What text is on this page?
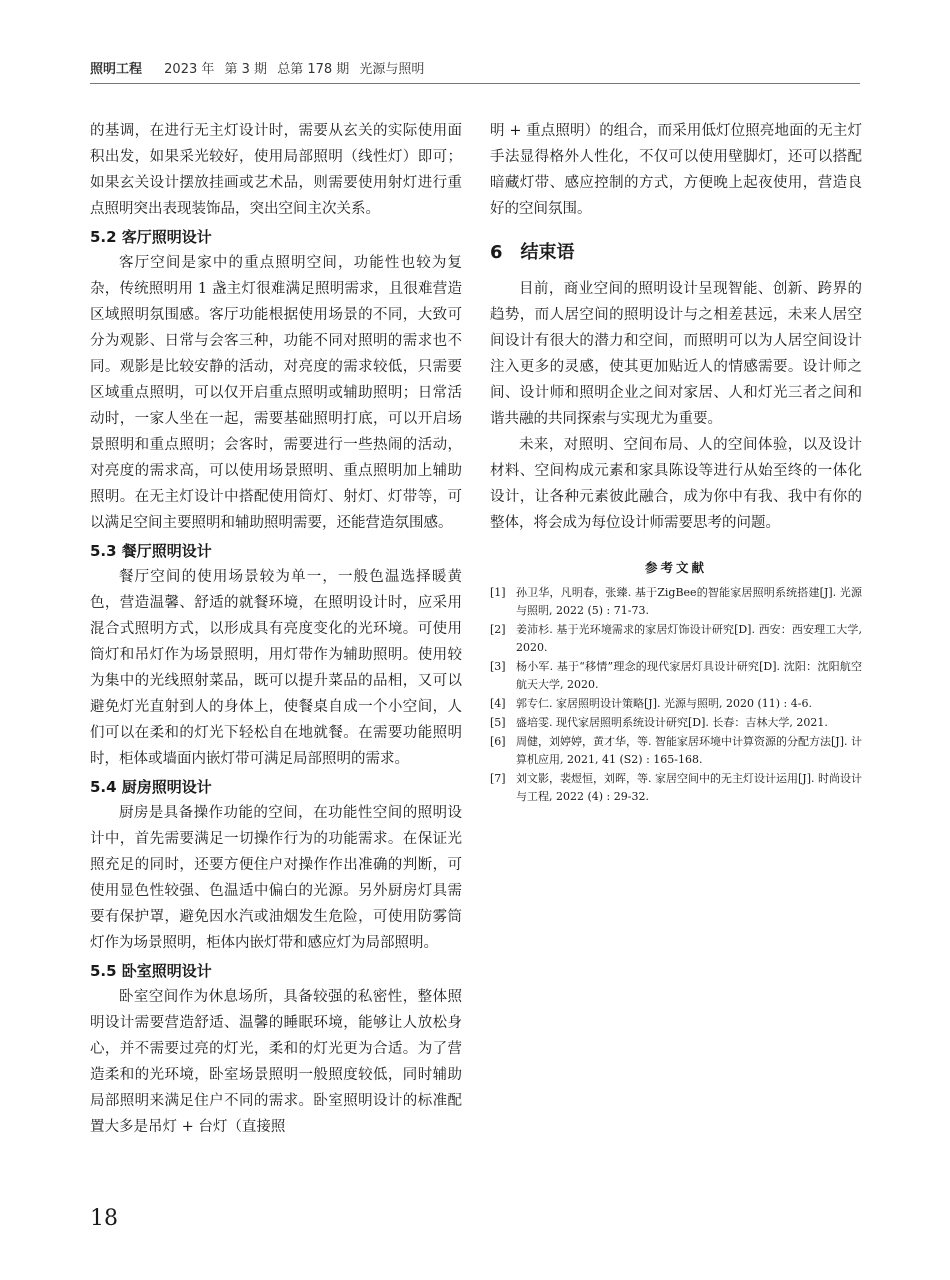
照明工程 2023 年 第 3 期 总第 178 期 光源与照明

的基调，在进行无主灯设计时，需要从玄关的实际使用面积出发，如果采光较好，使用局部照明（线性灯）即可；如果玄关设计摆放挂画或艺术品，则需要使用射灯进行重点照明突出表现装饰品，突出空间主次关系。

5.2 客厅照明设计

客厅空间是家中的重点照明空间，功能性也较为复杂，传统照明用 1 盏主灯很难满足照明需求，且很难营造区域照明氛围感。客厅功能根据使用场景的不同，大致可分为观影、日常与会客三种，功能不同对照明的需求也不同。观影是比较安静的活动，对亮度的需求较低，只需要区域重点照明，可以仅开启重点照明或辅助照明；日常活动时，一家人坐在一起，需要基础照明打底，可以开启场景照明和重点照明；会客时，需要进行一些热闹的活动，对亮度的需求高，可以使用场景照明、重点照明加上辅助照明。在无主灯设计中搭配使用筒灯、射灯、灯带等，可以满足空间主要照明和辅助照明需要，还能营造氛围感。

5.3 餐厅照明设计

餐厅空间的使用场景较为单一，一般色温选择暖黄色，营造温馨、舒适的就餐环境，在照明设计时，应采用混合式照明方式，以形成具有亮度变化的光环境。可使用筒灯和吊灯作为场景照明，用灯带作为辅助照明。使用较为集中的光线照射菜品，既可以提升菜品的品相，又可以避免灯光直射到人的身体上，使餐桌自成一个小空间，人们可以在柔和的灯光下轻松自在地就餐。在需要功能照明时，柜体或墙面内嵌灯带可满足局部照明的需求。

5.4 厨房照明设计

厨房是具备操作功能的空间，在功能性空间的照明设计中，首先需要满足一切操作行为的功能需求。在保证光照充足的同时，还要方便住户对操作作出准确的判断，可使用显色性较强、色温适中偏白的光源。另外厨房灯具需要有保护罩，避免因水汽或油烟发生危险，可使用防雾筒灯作为场景照明，柜体内嵌灯带和感应灯为局部照明。

5.5 卧室照明设计

卧室空间作为休息场所，具备较强的私密性，整体照明设计需要营造舒适、温馨的睡眠环境，能够让人放松身心，并不需要过亮的灯光，柔和的灯光更为合适。为了营造柔和的光环境，卧室场景照明一般照度较低，同时辅助局部照明来满足住户不同的需求。卧室照明设计的标准配置大多是吊灯 + 台灯（直接照

明 + 重点照明）的组合，而采用低灯位照亮地面的无主灯手法显得格外人性化，不仅可以使用壁脚灯，还可以搭配暗藏灯带、感应控制的方式，方便晚上起夜使用，营造良好的空间氛围。

6　结束语

目前，商业空间的照明设计呈现智能、创新、跨界的趋势，而人居空间的照明设计与之相差甚远，未来人居空间设计有很大的潜力和空间，而照明可以为人居空间设计注入更多的灵感，使其更加贴近人的情感需要。设计师之间、设计师和照明企业之间对家居、人和灯光三者之间和谐共融的共同探索与实现尤为重要。

未来，对照明、空间布局、人的空间体验，以及设计材料、空间构成元素和家具陈设等进行从始至终的一体化设计，让各种元素彼此融合，成为你中有我、我中有你的整体，将会成为每位设计师需要思考的问题。

参考文献
[1] 孙卫华，凡明春，张臻. 基于ZigBee的智能家居照明系统搭建[J]. 光源与照明, 2022 (5) : 71-73.
[2] 姜沛杉. 基于光环境需求的家居灯饰设计研究[D]. 西安：西安理工大学, 2020.
[3] 杨小军. 基于“移情”理念的现代家居灯具设计研究[D]. 沈阳：沈阳航空航天大学, 2020.
[4] 郭专仁. 家居照明设计策略[J]. 光源与照明, 2020 (11) : 4-6.
[5] 盛培雯. 现代家居照明系统设计研究[D]. 长春：吉林大学, 2021.
[6] 周健，刘婷婷，黄才华，等. 智能家居环境中计算资源的分配方法[J]. 计算机应用, 2021, 41 (S2) : 165-168.
[7] 刘文影，裴煜恒，刘晖，等. 家居空间中的无主灯设计运用[J]. 时尚设计与工程, 2022 (4) : 29-32.
18
